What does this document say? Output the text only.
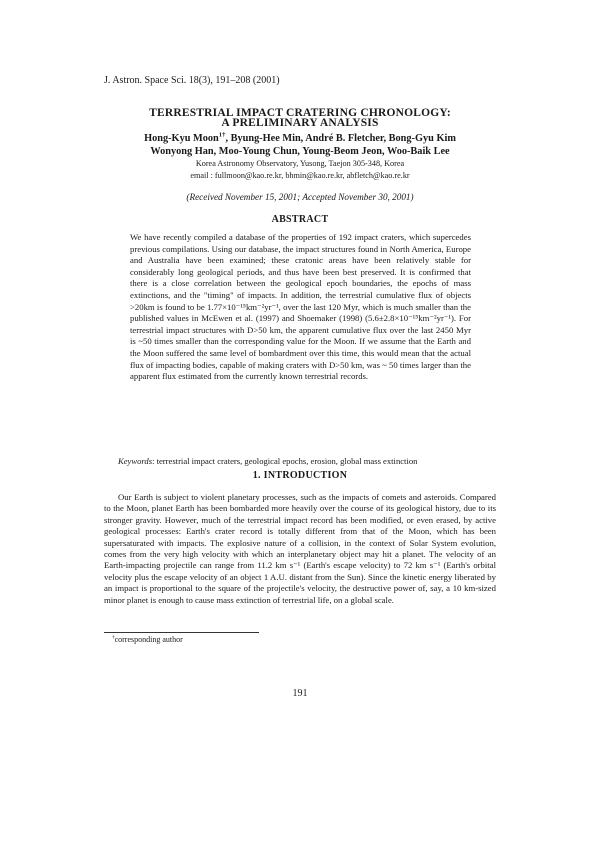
J. Astron. Space Sci. 18(3), 191–208 (2001)
TERRESTRIAL IMPACT CRATERING CHRONOLOGY:
A PRELIMINARY ANALYSIS
Hong-Kyu Moon$^{1\dagger}$, Byung-Hee Min, André B. Fletcher, Bong-Gyu Kim
Wonyong Han, Moo-Young Chun, Young-Beom Jeon, Woo-Baik Lee
Korea Astronomy Observatory, Yusong, Taejon 305-348, Korea
email : fullmoon@kao.re.kr, bhmin@kao.re.kr, abfletch@kao.re.kr
(Received November 15, 2001; Accepted November 30, 2001)
ABSTRACT
We have recently compiled a database of the properties of 192 impact craters, which supercedes previous compilations. Using our database, the impact structures found in North America, Europe and Australia have been examined; these cratonic areas have been relatively stable for considerably long geological periods, and thus have been best preserved. It is confirmed that there is a close correlation between the geological epoch boundaries, the epochs of mass extinctions, and the "timing" of impacts. In addition, the terrestrial cumulative flux of objects >20km is found to be 1.77×10⁻¹⁵km⁻²yr⁻¹, over the last 120 Myr, which is much smaller than the published values in McEwen et al. (1997) and Shoemaker (1998) (5.6±2.8×10⁻¹⁵km⁻²yr⁻¹). For terrestrial impact structures with D>50 km, the apparent cumulative flux over the last 2450 Myr is ~50 times smaller than the corresponding value for the Moon. If we assume that the Earth and the Moon suffered the same level of bombardment over this time, this would mean that the actual flux of impacting bodies, capable of making craters with D>50 km, was ~ 50 times larger than the apparent flux estimated from the currently known terrestrial records.
Keywords: terrestrial impact craters, geological epochs, erosion, global mass extinction
1. INTRODUCTION

Our Earth is subject to violent planetary processes, such as the impacts of comets and asteroids. Compared to the Moon, planet Earth has been bombarded more heavily over the course of its geological history, due to its stronger gravity. However, much of the terrestrial impact record has been modified, or even erased, by active geological processes: Earth's crater record is totally different from that of the Moon, which has been supersaturated with impacts. The explosive nature of a collision, in the context of Solar System evolution, comes from the very high velocity with which an interplanetary object may hit a planet. The velocity of an Earth-impacting projectile can range from 11.2 km s⁻¹ (Earth's escape velocity) to 72 km s⁻¹ (Earth's orbital velocity plus the escape velocity of an object 1 A.U. distant from the Sun). Since the kinetic energy liberated by an impact is proportional to the square of the projectile's velocity, the destructive power of, say, a 10 km-sized minor planet is enough to cause mass extinction of terrestrial life, on a global scale.

†corresponding author
191
